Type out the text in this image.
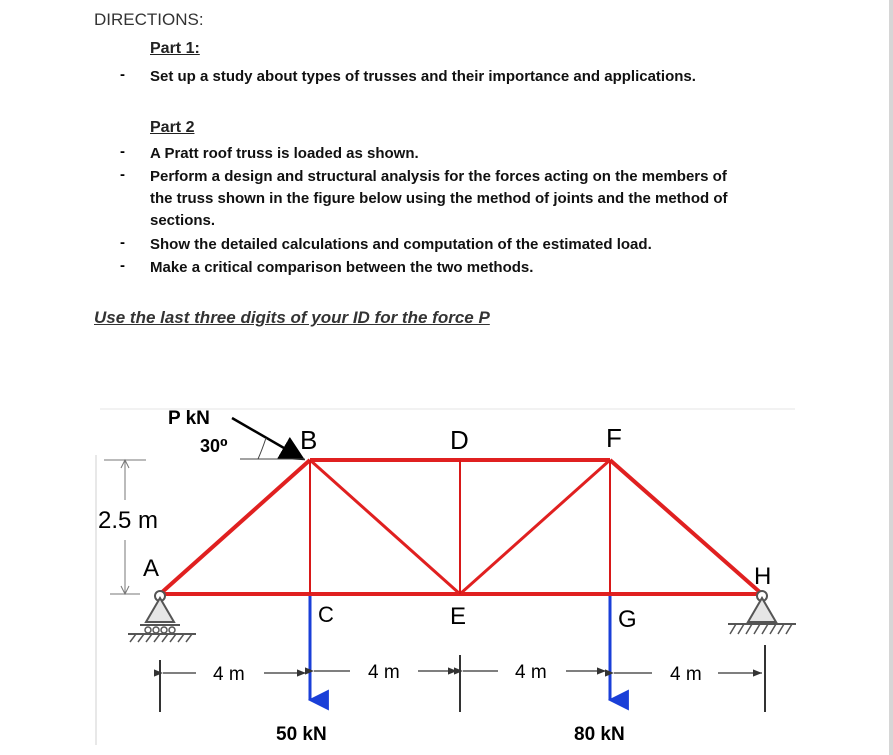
DIRECTIONS:
Part 1:
- Set up a study about types of trusses and their importance and applications.
Part 2
- A Pratt roof truss is loaded as shown.
- Perform a design and structural analysis for the forces acting on the members of
the truss shown in the figure below using the method of joints and the method of
sections.
- Show the detailed calculations and computation of the estimated load.
- Make a critical comparison between the two methods.
Use the last three digits of your ID for the force P
P kN
30⁰
2.5 m
A
B
C
D
E
F
G
H
4 m	4 m	4 m	4 m
50 kN	80 kN
